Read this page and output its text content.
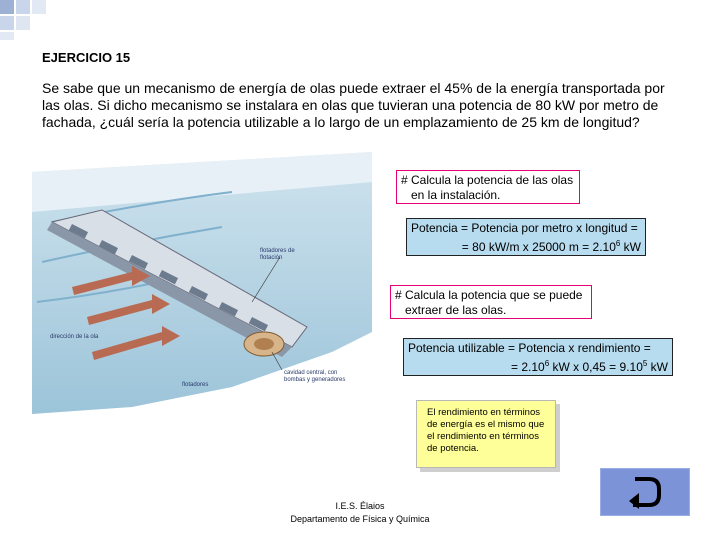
EJERCICIO 15
Se sabe que un mecanismo de energía de olas puede extraer el 45% de la energía transportada por las olas. Si dicho mecanismo se instalara en olas que tuvieran una potencia de 80 kW por metro de fachada, ¿cuál sería la potencia utilizable a lo largo de un emplazamiento de 25 km de longitud?
flotadores de flotación
dirección de la ola
flotadores
cavidad central, con bombas y generadores
# Calcula la potencia de las olas
en la instalación.
Potencia = Potencia por metro x longitud =
= 80 kW/m x 25000 $m = 2.10^6$ kW
# Calcula la potencia que se puede
extraer de las olas.
Potencia utilizable = Potencia x rendimiento =
= $2.10^6$ kW x $0,45 = 9.10^5$ kW
El rendimiento en términos de energía es el mismo que el rendimiento en términos de potencia.
I.E.S. Élaios
Departamento de Física y Química
